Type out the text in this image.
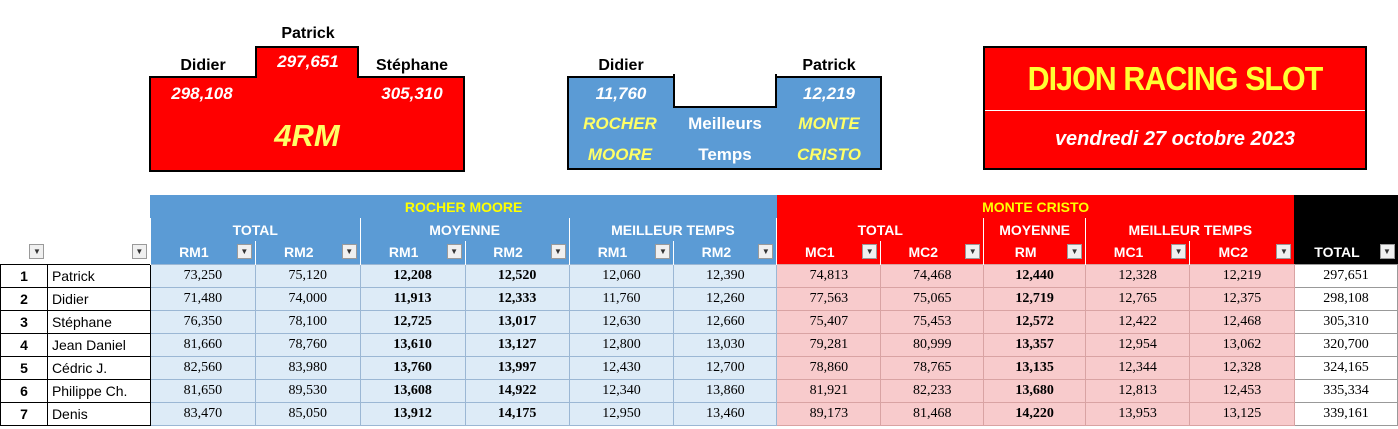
Patrick
Didier	Stéphane
297,651
298,108	305,310
4RM
Didier	Patrick
11,760	12,219
ROCHER
MOORE
Meilleurs
Temps
MONTE
CRISTO
DIJON RACING SLOT
vendredi 27 octobre 2023
		ROCHER MOORE						MONTE CRISTO					
		TOTAL		MOYENNE		MEILLEUR TEMPS		TOTAL		MOYENNE	MEILLEUR TEMPS		

▼	▼	RM1 ▼	RM2 ▼	RM1 ▼	RM2 ▼	RM1 ▼	RM2 ▼	MC1 ▼	MC2 ▼	RM ▼	MC1 ▼	MC2 ▼	TOTAL ▼

1	Patrick	73,250	75,120	12,208	12,520	12,060	12,390	74,813	74,468	12,440	12,328	12,219	297,651
2	Didier	71,480	74,000	11,913	12,333	11,760	12,260	77,563	75,065	12,719	12,765	12,375	298,108
3	Stéphane	76,350	78,100	12,725	13,017	12,630	12,660	75,407	75,453	12,572	12,422	12,468	305,310
4	Jean Daniel	81,660	78,760	13,610	13,127	12,800	13,030	79,281	80,999	13,357	12,954	13,062	320,700
5	Cédric J.	82,560	83,980	13,760	13,997	12,430	12,700	78,860	78,765	13,135	12,344	12,328	324,165
6	Philippe Ch.	81,650	89,530	13,608	14,922	12,340	13,860	81,921	82,233	13,680	12,813	12,453	335,334
7	Denis	83,470	85,050	13,912	14,175	12,950	13,460	89,173	81,468	14,220	13,953	13,125	339,161
